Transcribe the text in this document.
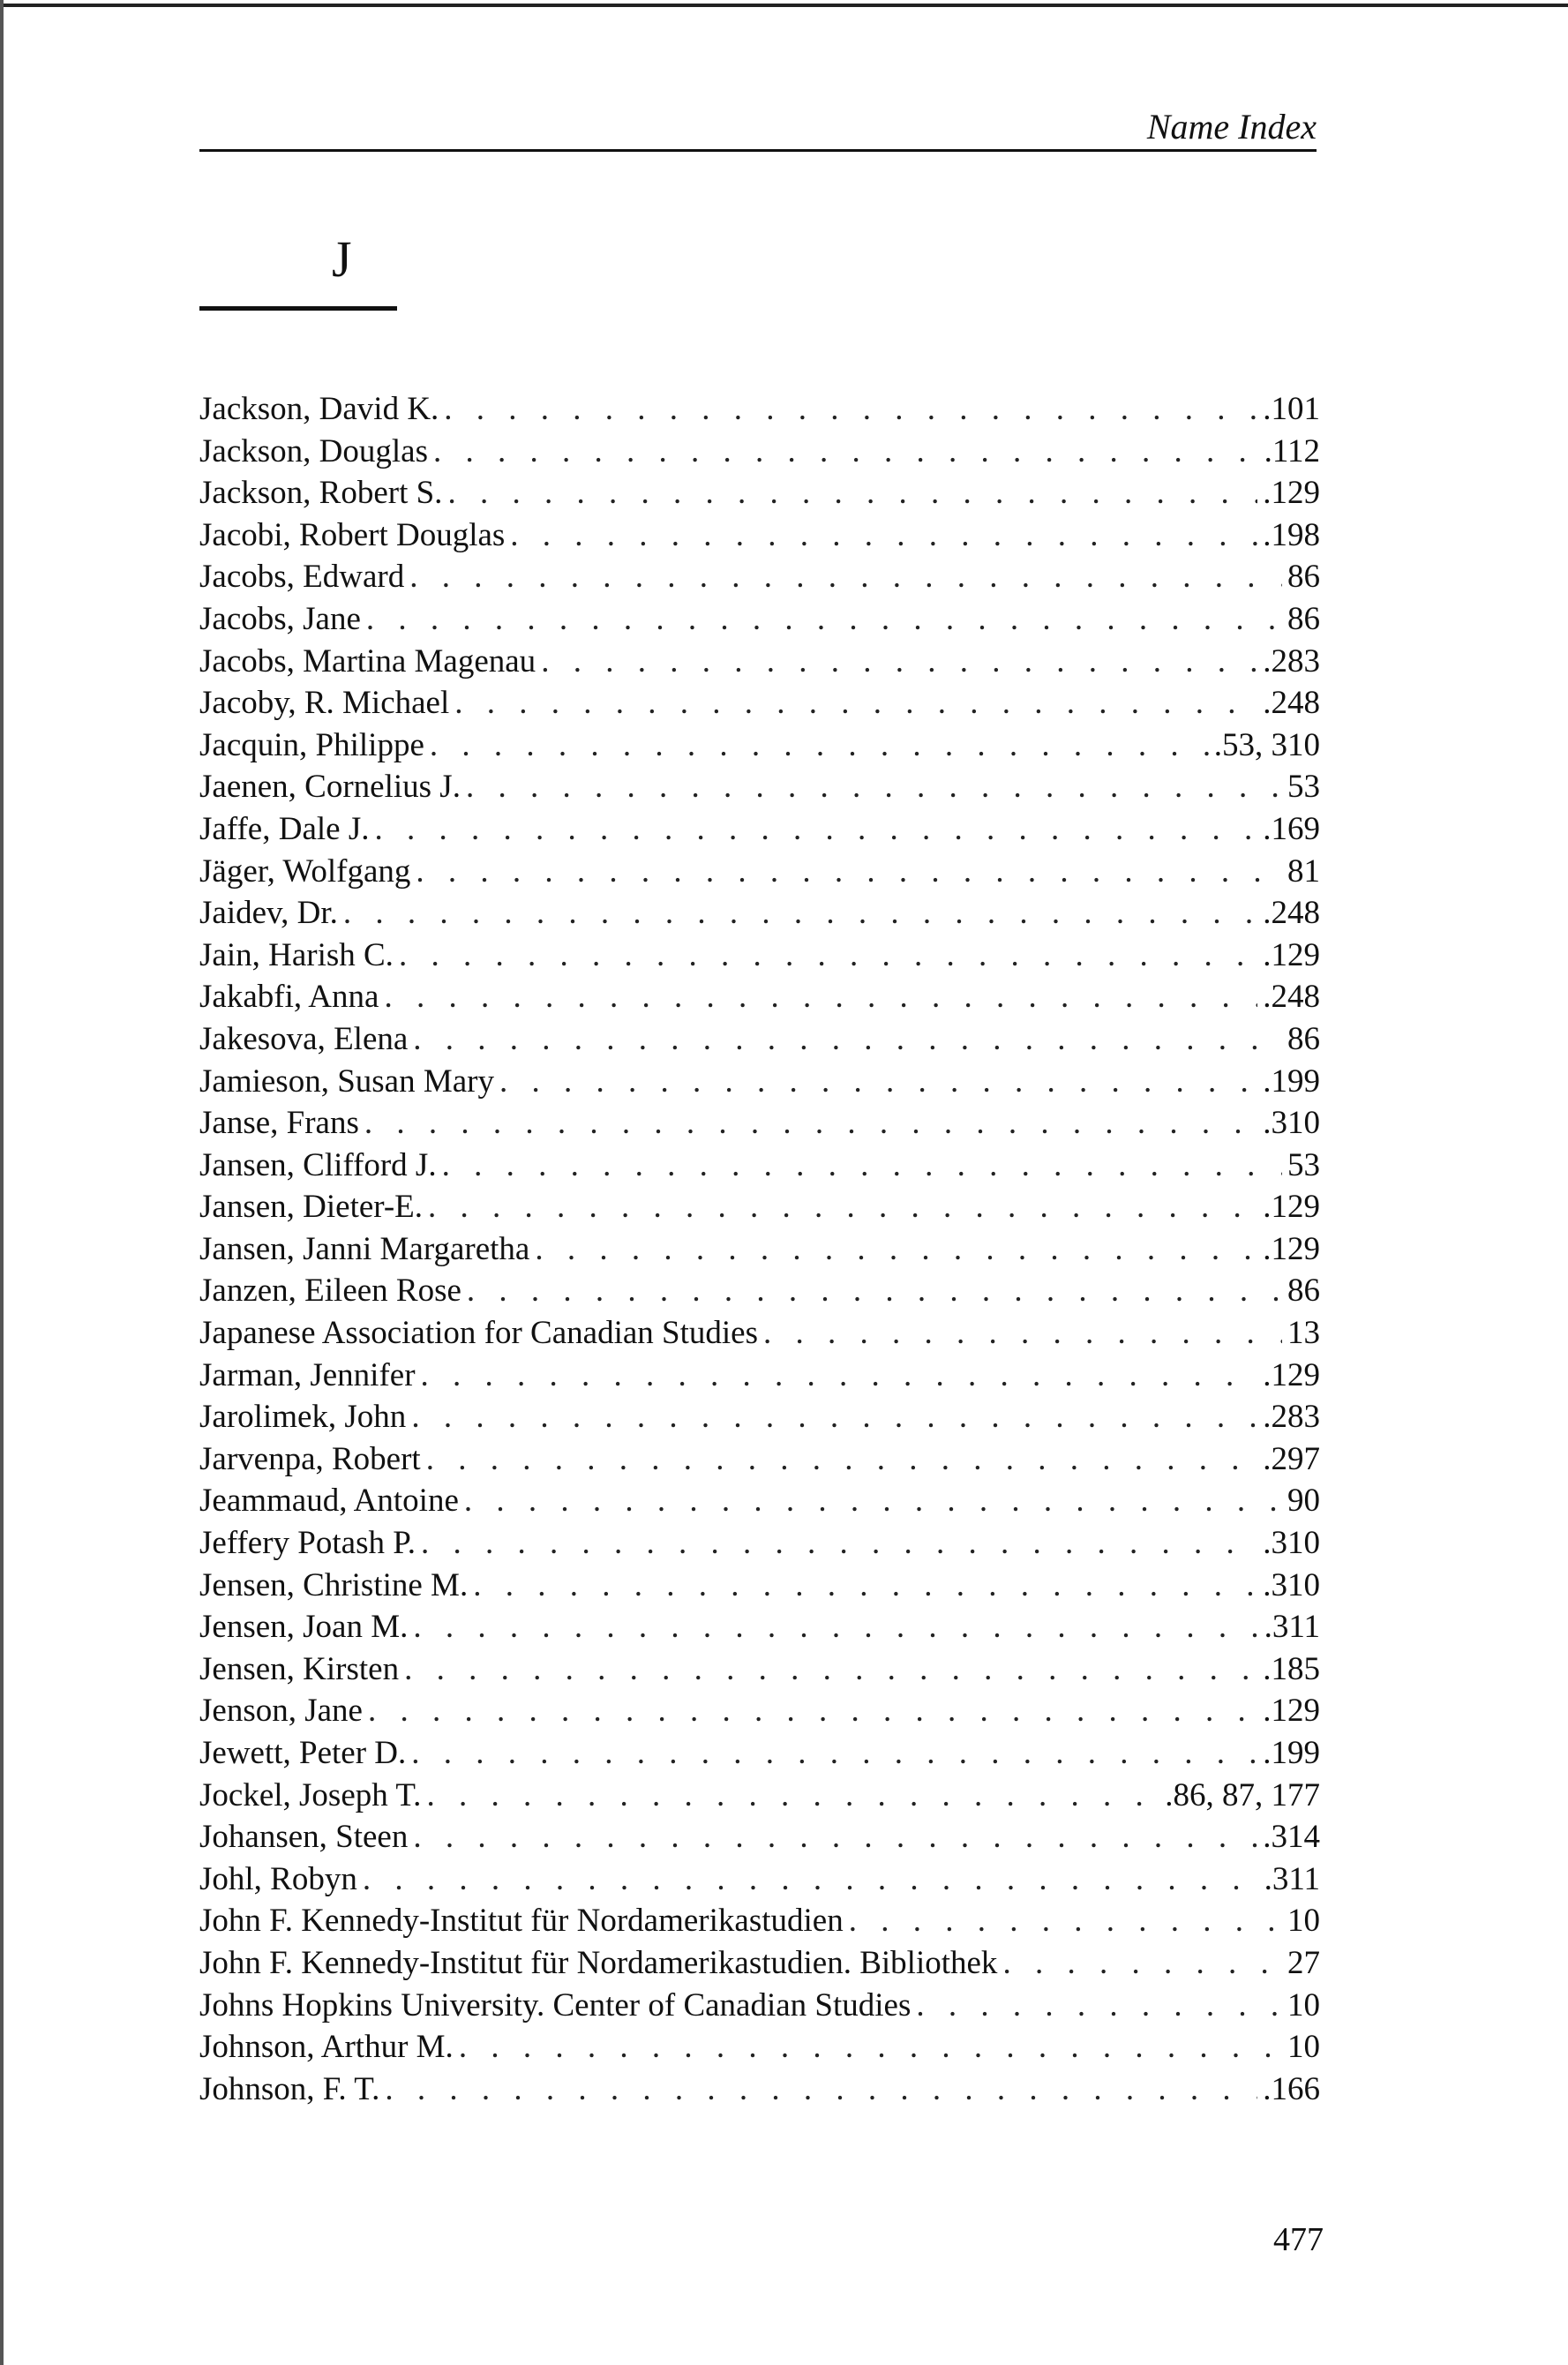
Name Index
J
Jackson, David K. . . .	.101
Jackson, Douglas . . .	.112
Jackson, Robert S. . . .	.129
Jacobi, Robert Douglas . . .	.198
Jacobs, Edward . . .	86
Jacobs, Jane . . .	86
Jacobs, Martina Magenau . . .	.283
Jacoby, R. Michael . . .	.248
Jacquin, Philippe . . .	.53, 310
Jaenen, Cornelius J. . . .	53
Jaffe, Dale J. . . .	.169
Jäger, Wolfgang . . .	81
Jaidev, Dr. . . .	.248
Jain, Harish C. . . .	.129
Jakabfi, Anna . . .	.248
Jakesova, Elena . . .	86
Jamieson, Susan Mary . . .	.199
Janse, Frans . . .	.310
Jansen, Clifford J. . . .	53
Jansen, Dieter-E. . . .	.129
Jansen, Janni Margaretha . . .	.129
Janzen, Eileen Rose . . .	86
Japanese Association for Canadian Studies . . .	13
Jarman, Jennifer . . .	.129
Jarolimek, John . . .	.283
Jarvenpa, Robert . . .	.297
Jeammaud, Antoine . . .	90
Jeffery Potash P. . . .	.310
Jensen, Christine M. . . .	.310
Jensen, Joan M. . . .	.311
Jensen, Kirsten . . .	.185
Jenson, Jane . . .	.129
Jewett, Peter D. . . .	.199
Jockel, Joseph T. . . .	.86, 87, 177
Johansen, Steen . . .	.314
Johl, Robyn . . .	.311
John F. Kennedy-Institut für Nordamerikastudien . . .	10
John F. Kennedy-Institut für Nordamerikastudien. Bibliothek . . .	27
Johns Hopkins University. Center of Canadian Studies . . .	10
Johnson, Arthur M. . . .	10
Johnson, F. T. . . .	.166
477
